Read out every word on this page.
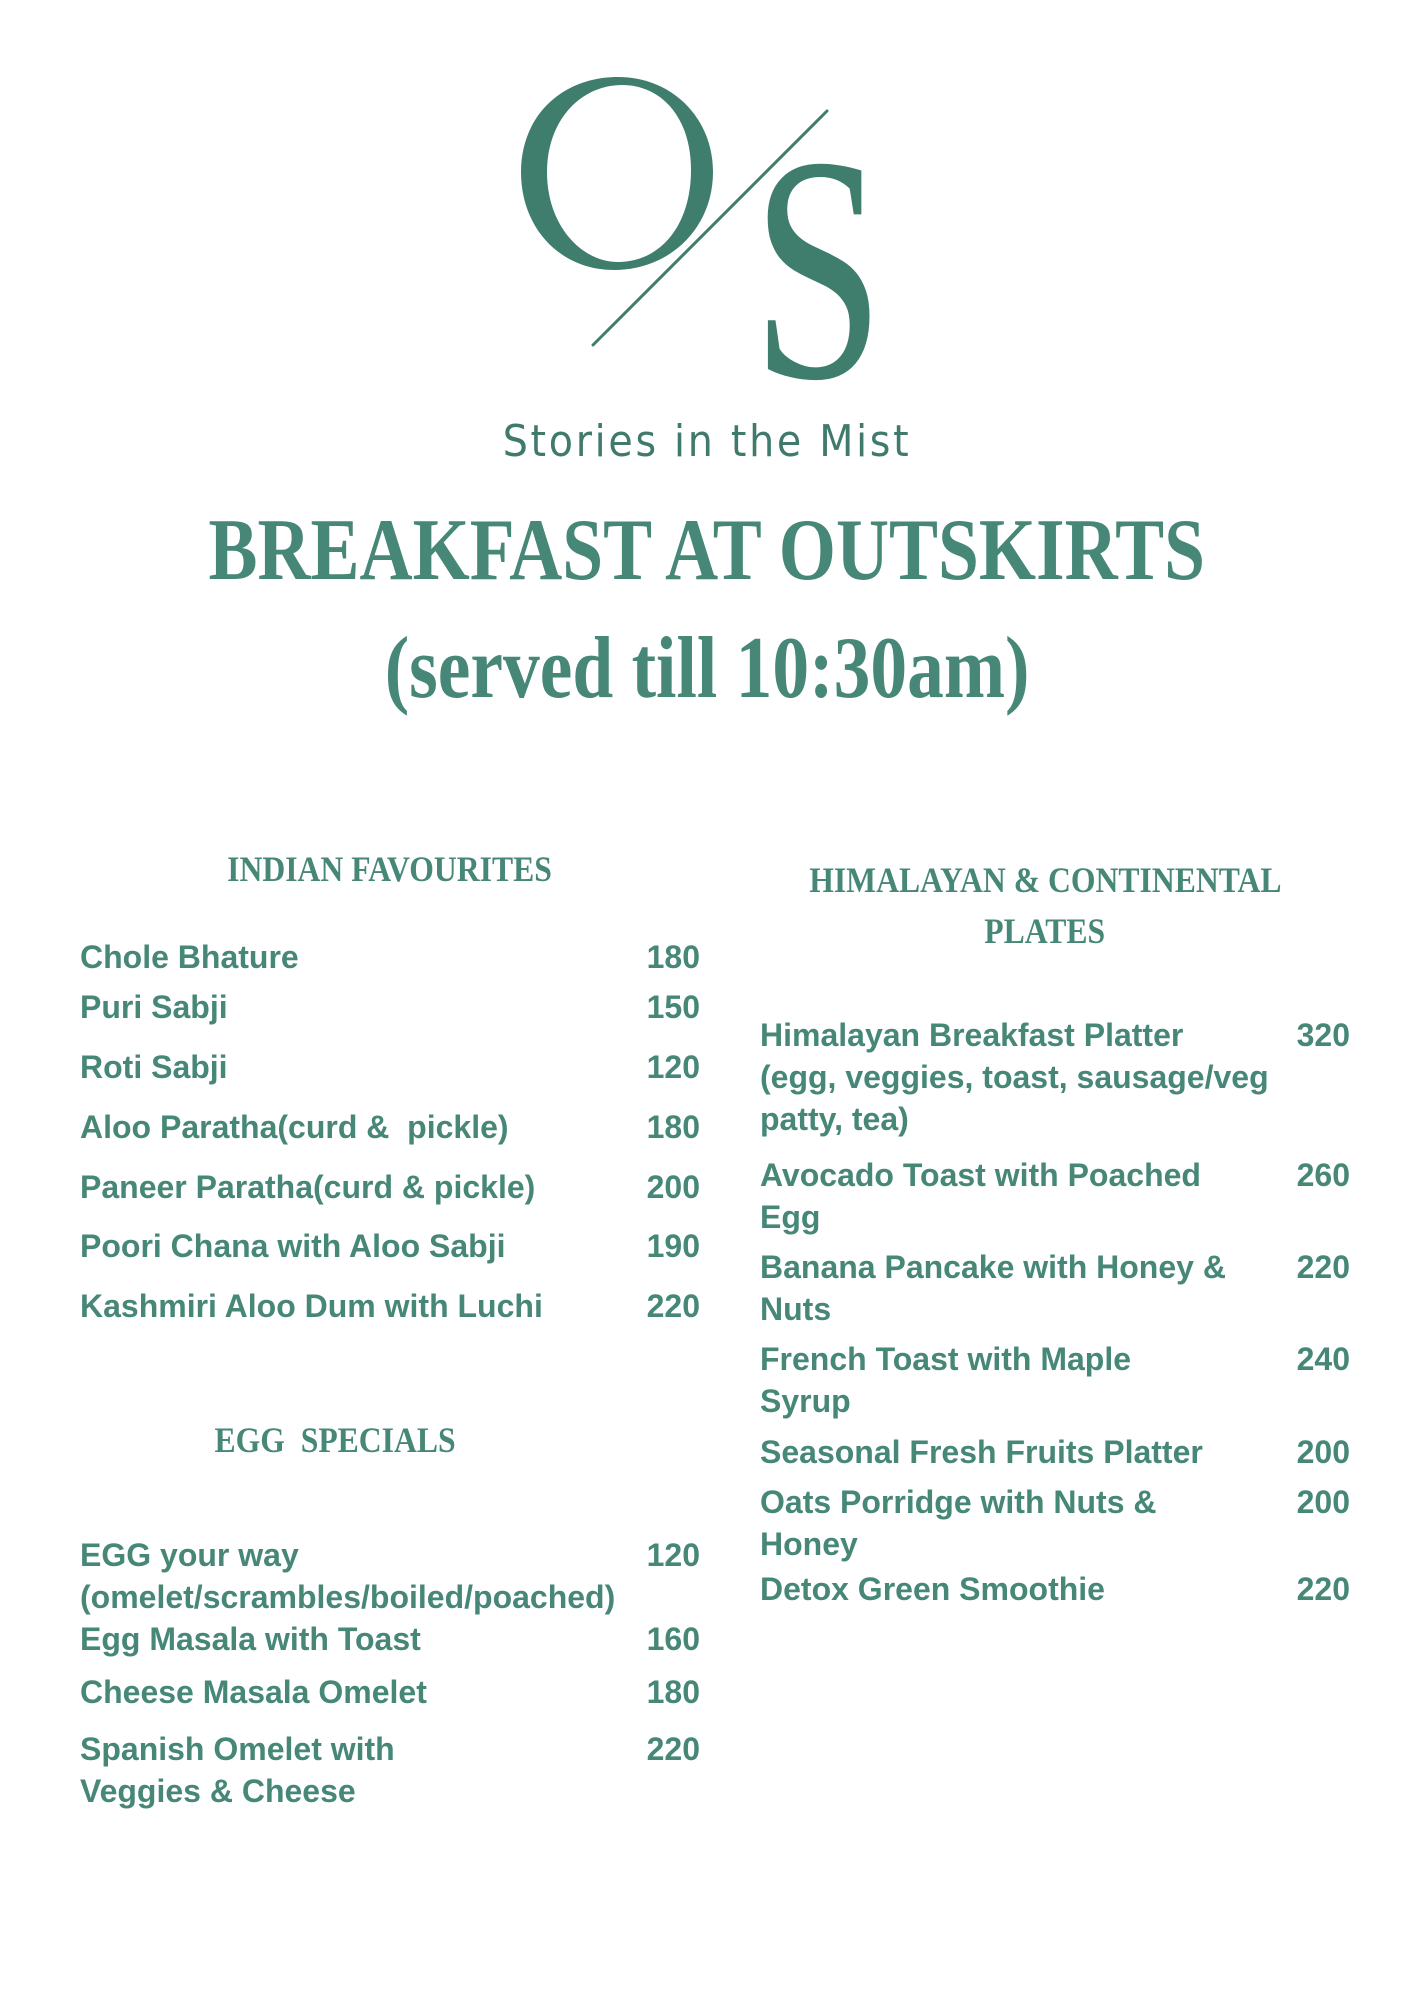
S
Stories in the Mist
BREAKFAST AT OUTSKIRTS
(served till 10:30am)
INDIAN FAVOURITES
Chole Bhature	180
Puri Sabji	150
Roti Sabji	120
Aloo Paratha(curd &  pickle)	180
Paneer Paratha(curd & pickle)	200
Poori Chana with Aloo Sabji	190
Kashmiri Aloo Dum with Luchi	220
EGG  SPECIALS
EGG your way
(omelet/scrambles/boiled/poached)
120
Egg Masala with Toast	160
Cheese Masala Omelet	180
Spanish Omelet with
Veggies & Cheese
220
HIMALAYAN & CONTINENTAL
PLATES
Himalayan Breakfast Platter
(egg, veggies, toast, sausage/veg
patty, tea)
320
Avocado Toast with Poached
Egg
260
Banana Pancake with Honey &
Nuts
220
French Toast with Maple
Syrup
240
Seasonal Fresh Fruits Platter	200
Oats Porridge with Nuts &
Honey
200
Detox Green Smoothie	220
